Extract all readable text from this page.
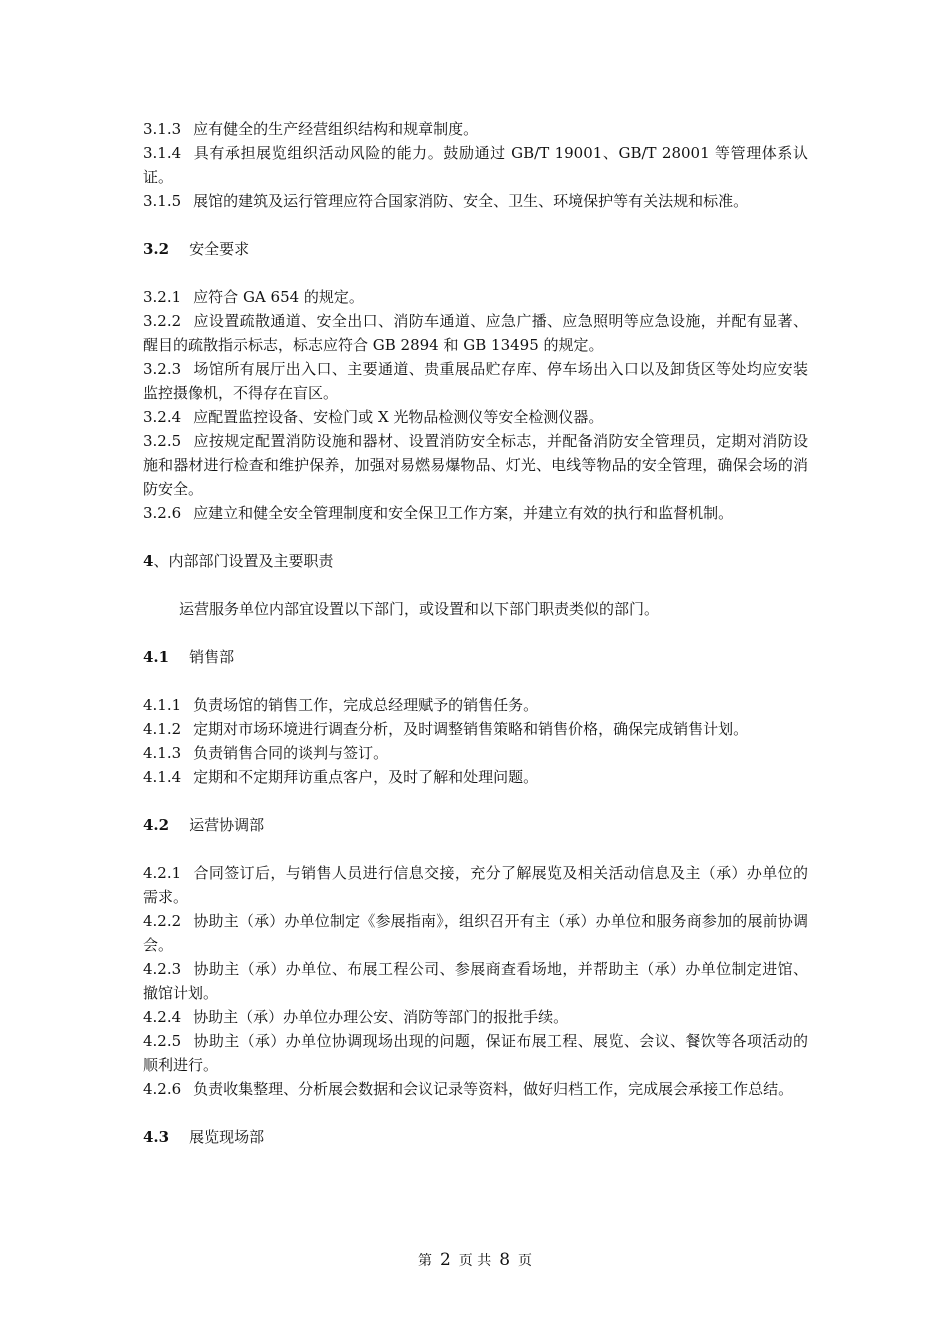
3.1.3 应有健全的生产经营组织结构和规章制度。

3.1.4 具有承担展览组织活动风险的能力。鼓励通过 GB/T 19001、GB/T 28001 等管理体系认证。

3.1.5 展馆的建筑及运行管理应符合国家消防、安全、卫生、环境保护等有关法规和标准。

3.2 安全要求

3.2.1 应符合 GA 654 的规定。

3.2.2 应设置疏散通道、安全出口、消防车通道、应急广播、应急照明等应急设施，并配有显著、醒目的疏散指示标志，标志应符合 GB 2894 和 GB 13495 的规定。

3.2.3 场馆所有展厅出入口、主要通道、贵重展品贮存库、停车场出入口以及卸货区等处均应安装监控摄像机，不得存在盲区。

3.2.4 应配置监控设备、安检门或 X 光物品检测仪等安全检测仪器。

3.2.5 应按规定配置消防设施和器材、设置消防安全标志，并配备消防安全管理员，定期对消防设施和器材进行检查和维护保养，加强对易燃易爆物品、灯光、电线等物品的安全管理，确保会场的消防安全。

3.2.6 应建立和健全安全管理制度和安全保卫工作方案，并建立有效的执行和监督机制。

4、内部部门设置及主要职责

运营服务单位内部宜设置以下部门，或设置和以下部门职责类似的部门。

4.1 销售部

4.1.1 负责场馆的销售工作，完成总经理赋予的销售任务。

4.1.2 定期对市场环境进行调查分析，及时调整销售策略和销售价格，确保完成销售计划。

4.1.3 负责销售合同的谈判与签订。

4.1.4 定期和不定期拜访重点客户，及时了解和处理问题。

4.2 运营协调部

4.2.1 合同签订后，与销售人员进行信息交接，充分了解展览及相关活动信息及主（承）办单位的需求。

4.2.2 协助主（承）办单位制定《参展指南》，组织召开有主（承）办单位和服务商参加的展前协调会。

4.2.3 协助主（承）办单位、布展工程公司、参展商查看场地，并帮助主（承）办单位制定进馆、撤馆计划。

4.2.4 协助主（承）办单位办理公安、消防等部门的报批手续。

4.2.5 协助主（承）办单位协调现场出现的问题，保证布展工程、展览、会议、餐饮等各项活动的顺利进行。

4.2.6 负责收集整理、分析展会数据和会议记录等资料，做好归档工作，完成展会承接工作总结。

4.3 展览现场部

第 2 页 共 8 页
